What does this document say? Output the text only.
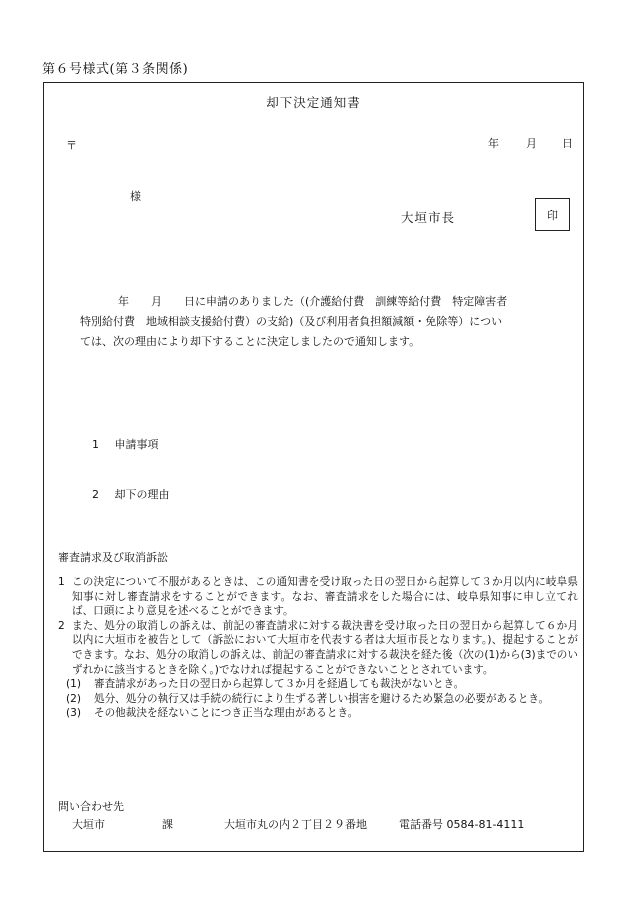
第６号様式(第３条関係)
却下決定通知書
〒	年 月 日
様
大垣市長	印

年　　月　　日に申請のありました（(介護給付費　訓練等給付費　特定障害者

特別給付費　地域相談支援給付費）の支給)（及び利用者負担額減額・免除等）につい

ては、次の理由により却下することに決定しましたので通知します。

1 申請事項
2 却下の理由
審査請求及び取消訴訟
1 この決定について不服があるときは、この通知書を受け取った日の翌日から起算して３か月以内に岐阜県知事に対し審査請求をすることができます。なお、審査請求をした場合には、岐阜県知事に申し立てれば、口頭により意見を述べることができます。
2 また、処分の取消しの訴えは、前記の審査請求に対する裁決書を受け取った日の翌日から起算して６か月以内に大垣市を被告として（訴訟において大垣市を代表する者は大垣市長となります。)、提起することができます。なお、処分の取消しの訴えは、前記の審査請求に対する裁決を経た後（次の(1)から(3)までのいずれかに該当するときを除く。)でなければ提起することができないこととされています。
(1) 審査請求があった日の翌日から起算して３か月を経過しても裁決がないとき。
(2) 処分、処分の執行又は手続の続行により生ずる著しい損害を避けるため緊急の必要があるとき。
(3) その他裁決を経ないことにつき正当な理由があるとき。
問い合わせ先
大垣市	課	大垣市丸の内２丁目２９番地	電話番号 0584-81-4111
